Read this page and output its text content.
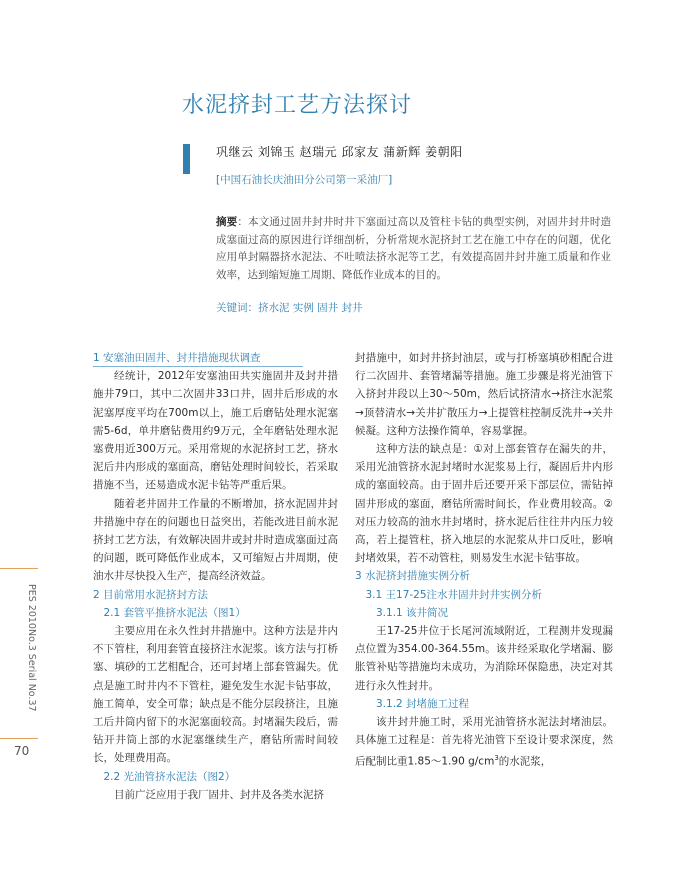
水泥挤封工艺方法探讨
巩继云 刘锦玉 赵瑞元 邱家友 蒲新辉 姜朝阳
[中国石油长庆油田分公司第一采油厂]
摘要：本文通过固井封井时井下塞面过高以及管柱卡钻的典型实例，对固井封井时造成塞面过高的原因进行详细剖析，分析常规水泥挤封工艺在施工中存在的问题，优化应用单封隔器挤水泥法、不吐喷法挤水泥等工艺，有效提高固井封井施工质量和作业效率，达到缩短施工周期、降低作业成本的目的。
关键词：挤水泥 实例 固井 封井
PES 2010No.3 Serial No.37
70

1 安塞油田固井、封井措施现状调查

经统计，2012年安塞油田共实施固井及封井措施井79口，其中二次固井33口井，固井后形成的水泥塞厚度平均在700m以上，施工后磨钻处理水泥塞需5-6d，单井磨钻费用约9万元，全年磨钻处理水泥塞费用近300万元。采用常规的水泥挤封工艺，挤水泥后井内形成的塞面高，磨钻处理时间较长，若采取措施不当，还易造成水泥卡钻等严重后果。

随着老井固井工作量的不断增加，挤水泥固井封井措施中存在的问题也日益突出，若能改进目前水泥挤封工艺方法，有效解决固井或封井时造成塞面过高的问题，既可降低作业成本，又可缩短占井周期，使油水井尽快投入生产，提高经济效益。

2 目前常用水泥挤封方法

2.1 套管平推挤水泥法（图1）

主要应用在永久性封井措施中。这种方法是井内不下管柱，利用套管直接挤注水泥浆。该方法与打桥塞、填砂的工艺相配合，还可封堵上部套管漏失。优点是施工时井内不下管柱，避免发生水泥卡钻事故，施工简单，安全可靠；缺点是不能分层段挤注，且施工后井筒内留下的水泥塞面较高。封堵漏失段后，需钻开井筒上部的水泥塞继续生产，磨钻所需时间较长，处理费用高。

2.2 光油管挤水泥法（图2）

目前广泛应用于我厂固井、封井及各类水泥挤

封措施中，如封井挤封油层，或与打桥塞填砂相配合进行二次固井、套管堵漏等措施。施工步骤是将光油管下入挤封井段以上30～50m，然后试挤清水→挤注水泥浆→顶替清水→关井扩散压力→上提管柱控制反洗井→关井候凝。这种方法操作简单，容易掌握。

这种方法的缺点是：①对上部套管存在漏失的井，采用光油管挤水泥封堵时水泥浆易上行，凝固后井内形成的塞面较高。由于固井后还要开采下部层位，需钻掉固井形成的塞面，磨钻所需时间长，作业费用较高。②对压力较高的油水井封堵时，挤水泥后往往井内压力较高，若上提管柱，挤入地层的水泥浆从井口反吐，影响封堵效果，若不动管柱，则易发生水泥卡钻事故。

3 水泥挤封措施实例分析

3.1 王17-25注水井固井封井实例分析

3.1.1 该井简况

王17-25井位于长尾河流域附近，工程测井发现漏点位置为354.00-364.55m。该井经采取化学堵漏、膨胀管补贴等措施均未成功，为消除环保隐患，决定对其进行永久性封井。

3.1.2 封堵施工过程

该井封井施工时，采用光油管挤水泥法封堵油层。具体施工过程是：首先将光油管下至设计要求深度，然后配制比重1.85～1.90 $g/cm^3$的水泥浆，
